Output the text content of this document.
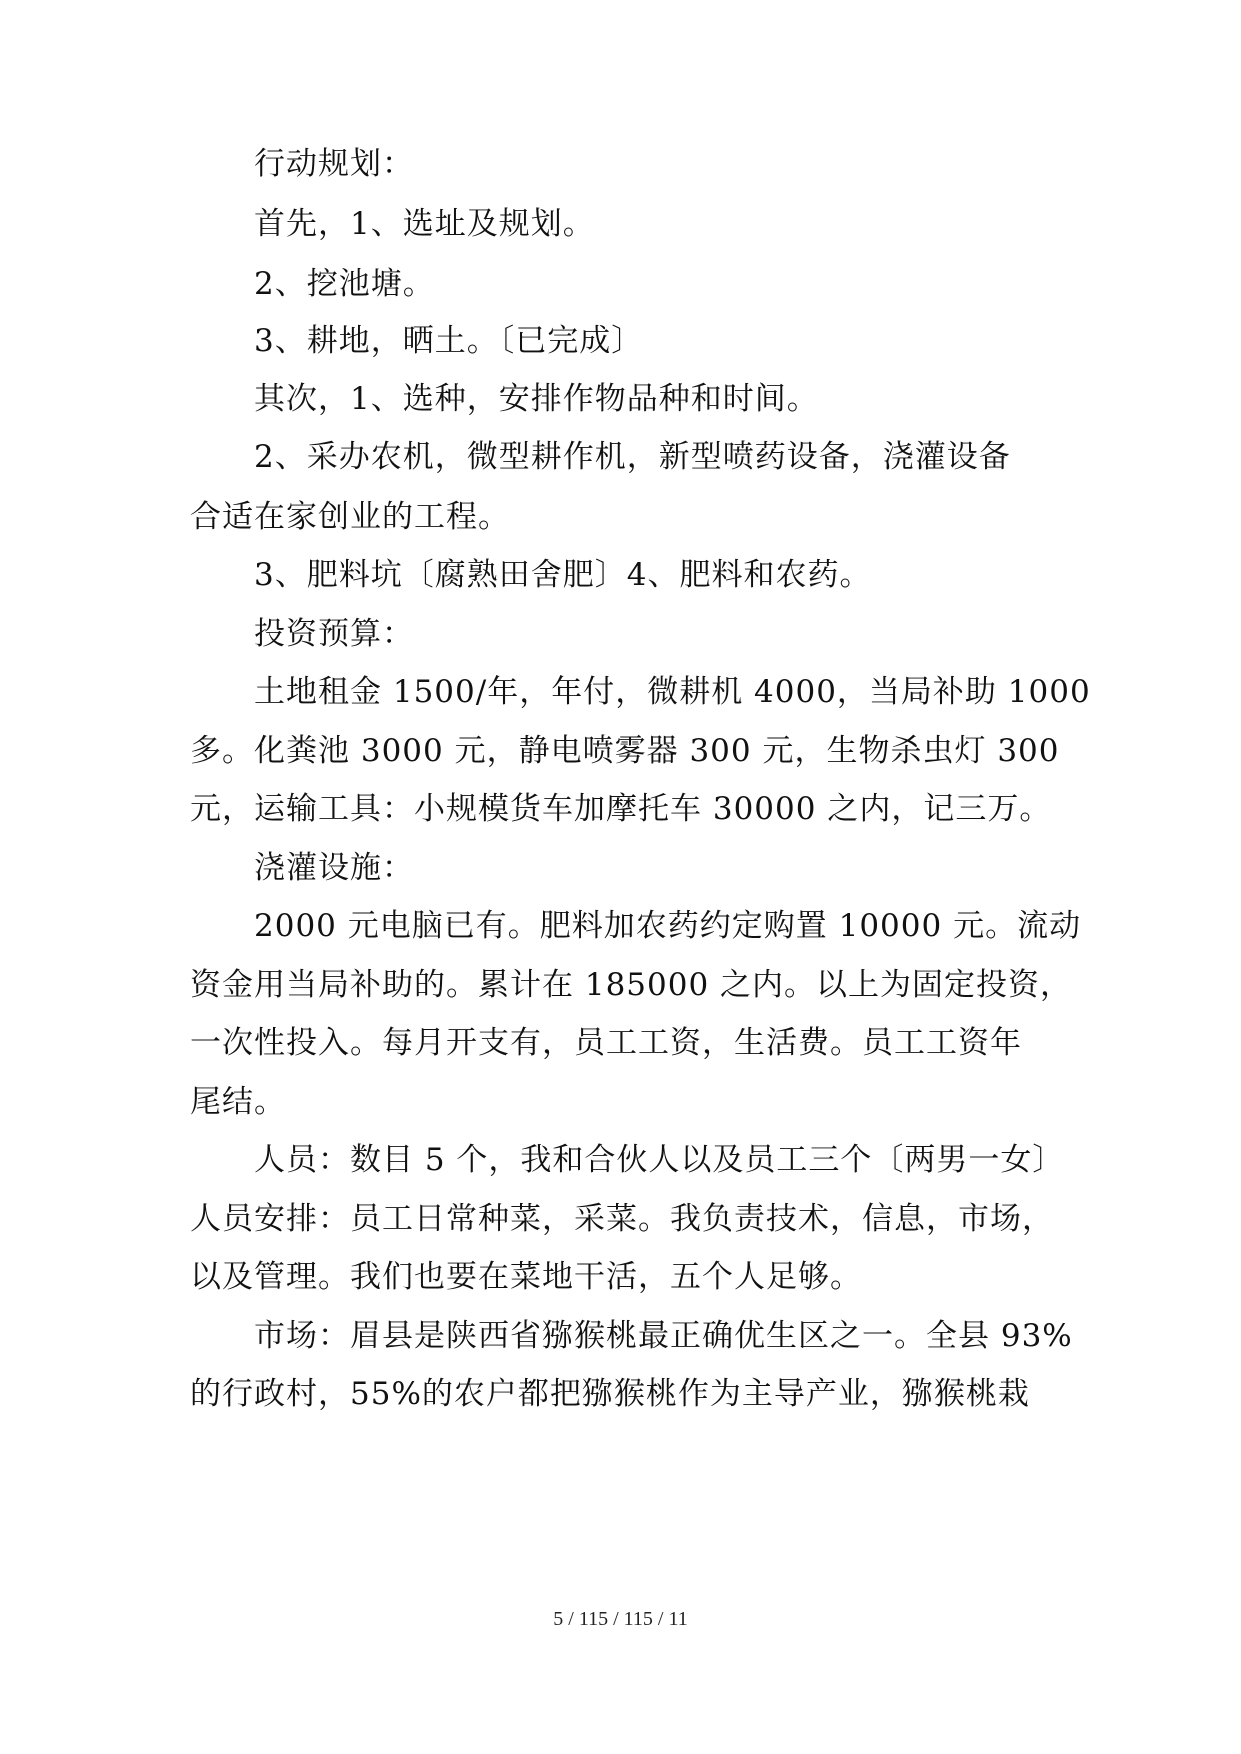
行动规划：
首先，1、选址及规划。
2、挖池塘。
3、耕地，晒土。〔已完成〕
其次，1、选种，安排作物品种和时间。
2、采办农机，微型耕作机，新型喷药设备，浇灌设备
合适在家创业的工程。
3、肥料坑〔腐熟田舍肥〕4、肥料和农药。
投资预算：
土地租金 1500/年，年付，微耕机 4000，当局补助 1000
多。化粪池 3000 元，静电喷雾器 300 元，生物杀虫灯 300
元，运输工具：小规模货车加摩托车 30000 之内，记三万。
浇灌设施：
2000 元电脑已有。肥料加农药约定购置 10000 元。流动
资金用当局补助的。累计在 185000 之内。以上为固定投资，
一次性投入。每月开支有，员工工资，生活费。员工工资年
尾结。
人员：数目 5 个，我和合伙人以及员工三个〔两男一女〕
人员安排：员工日常种菜，采菜。我负责技术，信息，市场，
以及管理。我们也要在菜地干活，五个人足够。
市场：眉县是陕西省猕猴桃最正确优生区之一。全县 93%
的行政村，55%的农户都把猕猴桃作为主导产业，猕猴桃栽
5 / 115 / 115 / 11
